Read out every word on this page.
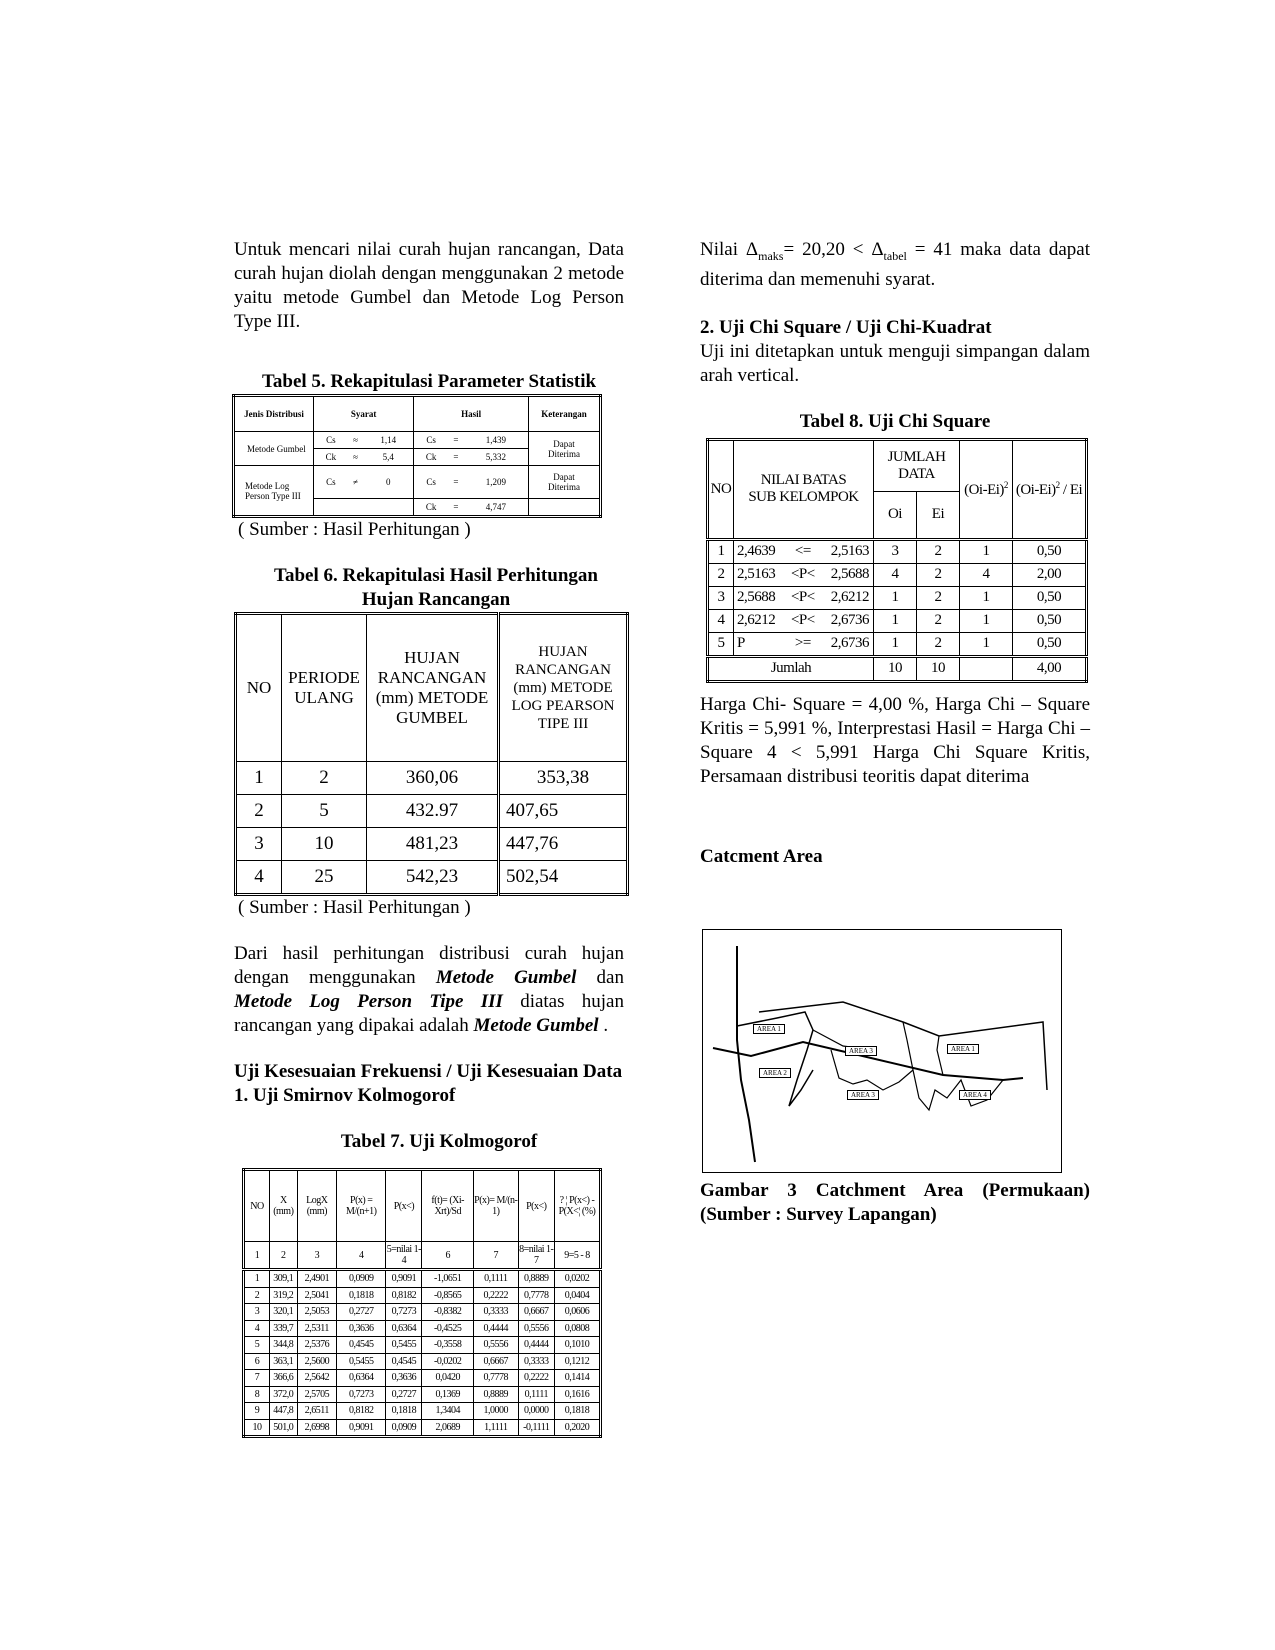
Untuk mencari nilai curah hujan rancangan, Data curah hujan diolah dengan menggunakan 2 metode yaitu metode Gumbel dan Metode Log Person Type III.

Tabel 5. Rekapitulasi Parameter Statistik

Jenis Distribusi	Syarat			Hasil			Keterangan
Metode Gumbel	Cs	≈	1,14	Cs	=	1,439	Dapat Diterima
	Ck	≈	5,4	Ck	=	5,332	
Metode Log Person Type III	Cs	≠	0	Cs	=	1,209	Dapat Diterima
				Ck	=	4,747	

( Sumber : Hasil Perhitungan )

Tabel 6. Rekapitulasi Hasil Perhitungan Hujan Rancangan

NO	PERIODE ULANG	HUJAN RANCANGAN (mm) METODE GUMBEL	HUJAN RANCANGAN (mm) METODE LOG PEARSON TIPE III
1	2	360,06	353,38
2	5	432.97	407,65
3	10	481,23	447,76
4	25	542,23	502,54

( Sumber : Hasil Perhitungan )

Dari hasil perhitungan distribusi curah hujan dengan menggunakan Metode Gumbel dan Metode Log Person Tipe III diatas hujan rancangan yang dipakai adalah Metode Gumbel .

Uji Kesesuaian Frekuensi / Uji Kesesuaian Data
1. Uji Smirnov Kolmogorof

Tabel 7. Uji Kolmogorof

NO	X (mm)	LogX (mm)	P(x) = M/(n+1)	P(x<)	f(t)= (Xi-Xrt)/Sd	P(x)= M/(n-1)	P(x<)	? ¦ P(x<) -P(X<¦ (%)
1	2	3	4	5=nilai 1-4	6	7	8=nilai 1-7	9=5 - 8
1	309,1	2,4901	0,0909	0,9091	-1,0651	0,1111	0,8889	0,0202
2	319,2	2,5041	0,1818	0,8182	-0,8565	0,2222	0,7778	0,0404
3	320,1	2,5053	0,2727	0,7273	-0,8382	0,3333	0,6667	0,0606
4	339,7	2,5311	0,3636	0,6364	-0,4525	0,4444	0,5556	0,0808
5	344,8	2,5376	0,4545	0,5455	-0,3558	0,5556	0,4444	0,1010
6	363,1	2,5600	0,5455	0,4545	-0,0202	0,6667	0,3333	0,1212
7	366,6	2,5642	0,6364	0,3636	0,0420	0,7778	0,2222	0,1414
8	372,0	2,5705	0,7273	0,2727	0,1369	0,8889	0,1111	0,1616
9	447,8	2,6511	0,8182	0,1818	1,3404	1,0000	0,0000	0,1818
10	501,0	2,6998	0,9091	0,0909	2,0689	1,1111	-0,1111	0,2020

Nilai $\Delta_{maks}= 20,20 < \Delta_{tabel} = 41$ maka data dapat diterima dan memenuhi syarat.

2. Uji Chi Square / Uji Chi-Kuadrat

Uji ini ditetapkan untuk menguji simpangan dalam arah vertical.

Tabel 8. Uji Chi Square

NO	NILAI BATAS SUB KELOMPOK			JUMLAH DATA		$(Oi-Ei)^2$	$(Oi-Ei)^2$ / Ei
				Oi	Ei		
1	2,4639	<=	2,5163	3	2	1	0,50
2	2,5163	<P<	2,5688	4	2	4	2,00
3	2,5688	<P<	2,6212	1	2	1	0,50
4	2,6212	<P<	2,6736	1	2	1	0,50
5	P	>=	2,6736	1	2	1	0,50
Jumlah				10	10		4,00

Harga Chi- Square = 4,00 %, Harga Chi – Square Kritis = 5,991 %, Interprestasi Hasil = Harga Chi – Square 4 < 5,991 Harga Chi Square Kritis, Persamaan distribusi teoritis dapat diterima

Catcment Area
AREA 1
AREA 2
AREA 3
AREA 3
AREA 1
AREA 4

Gambar 3 Catchment Area (Permukaan) (Sumber : Survey Lapangan)
